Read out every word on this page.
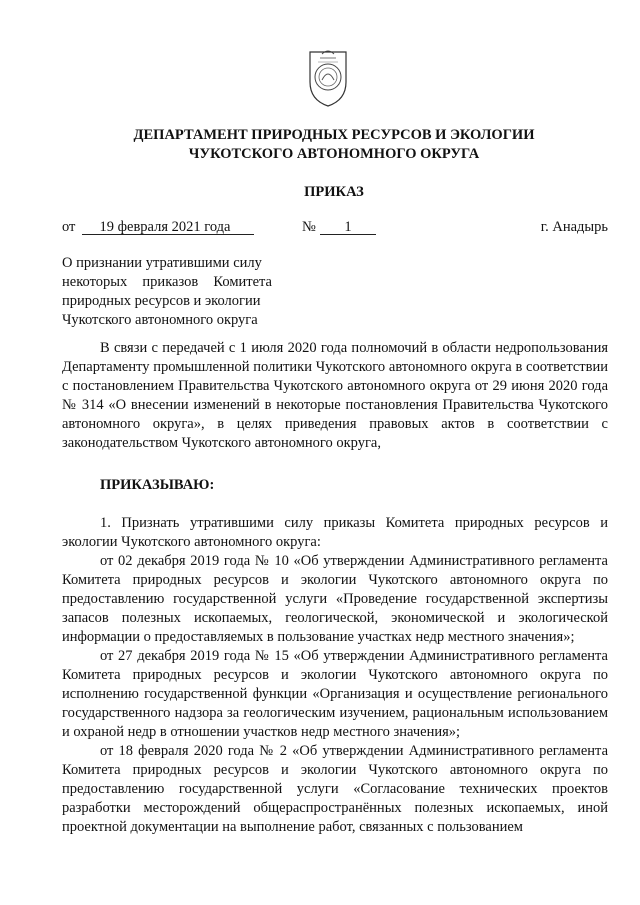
ДЕПАРТАМЕНТ ПРИРОДНЫХ РЕСУРСОВ И ЭКОЛОГИИ
ЧУКОТСКОГО АВТОНОМНОГО ОКРУГА
ПРИКАЗ
от	19 февраля 2021 года	№	1	г. Анадырь
О признании утратившими силу
некоторых приказов Комитета
природных ресурсов и экологии
Чукотского автономного округа

В связи с передачей с 1 июля 2020 года полномочий в области недропользования Департаменту промышленной политики Чукотского автономного округа в соответствии с постановлением Правительства Чукотского автономного округа от 29 июня 2020 года № 314 «О внесении изменений в некоторые постановления Правительства Чукотского автономного округа», в целях приведения правовых актов в соответствии с законодательством Чукотского автономного округа,

ПРИКАЗЫВАЮ:

1. Признать утратившими силу приказы Комитета природных ресурсов и экологии Чукотского автономного округа:

от 02 декабря 2019 года № 10 «Об утверждении Административного регламента Комитета природных ресурсов и экологии Чукотского автономного округа по предоставлению государственной услуги «Проведение государственной экспертизы запасов полезных ископаемых, геологической, экономической и экологической информации о предоставляемых в пользование участках недр местного значения»;

от 27 декабря 2019 года № 15 «Об утверждении Административного регламента Комитета природных ресурсов и экологии Чукотского автономного округа по исполнению государственной функции «Организация и осуществление регионального государственного надзора за геологическим изучением, рациональным использованием и охраной недр в отношении участков недр местного значения»;

от 18 февраля 2020 года № 2 «Об утверждении Административного регламента Комитета природных ресурсов и экологии Чукотского автономного округа по предоставлению государственной услуги «Согласование технических проектов разработки месторождений общераспространённых полезных ископаемых, иной проектной документации на выполнение работ, связанных с пользованием
